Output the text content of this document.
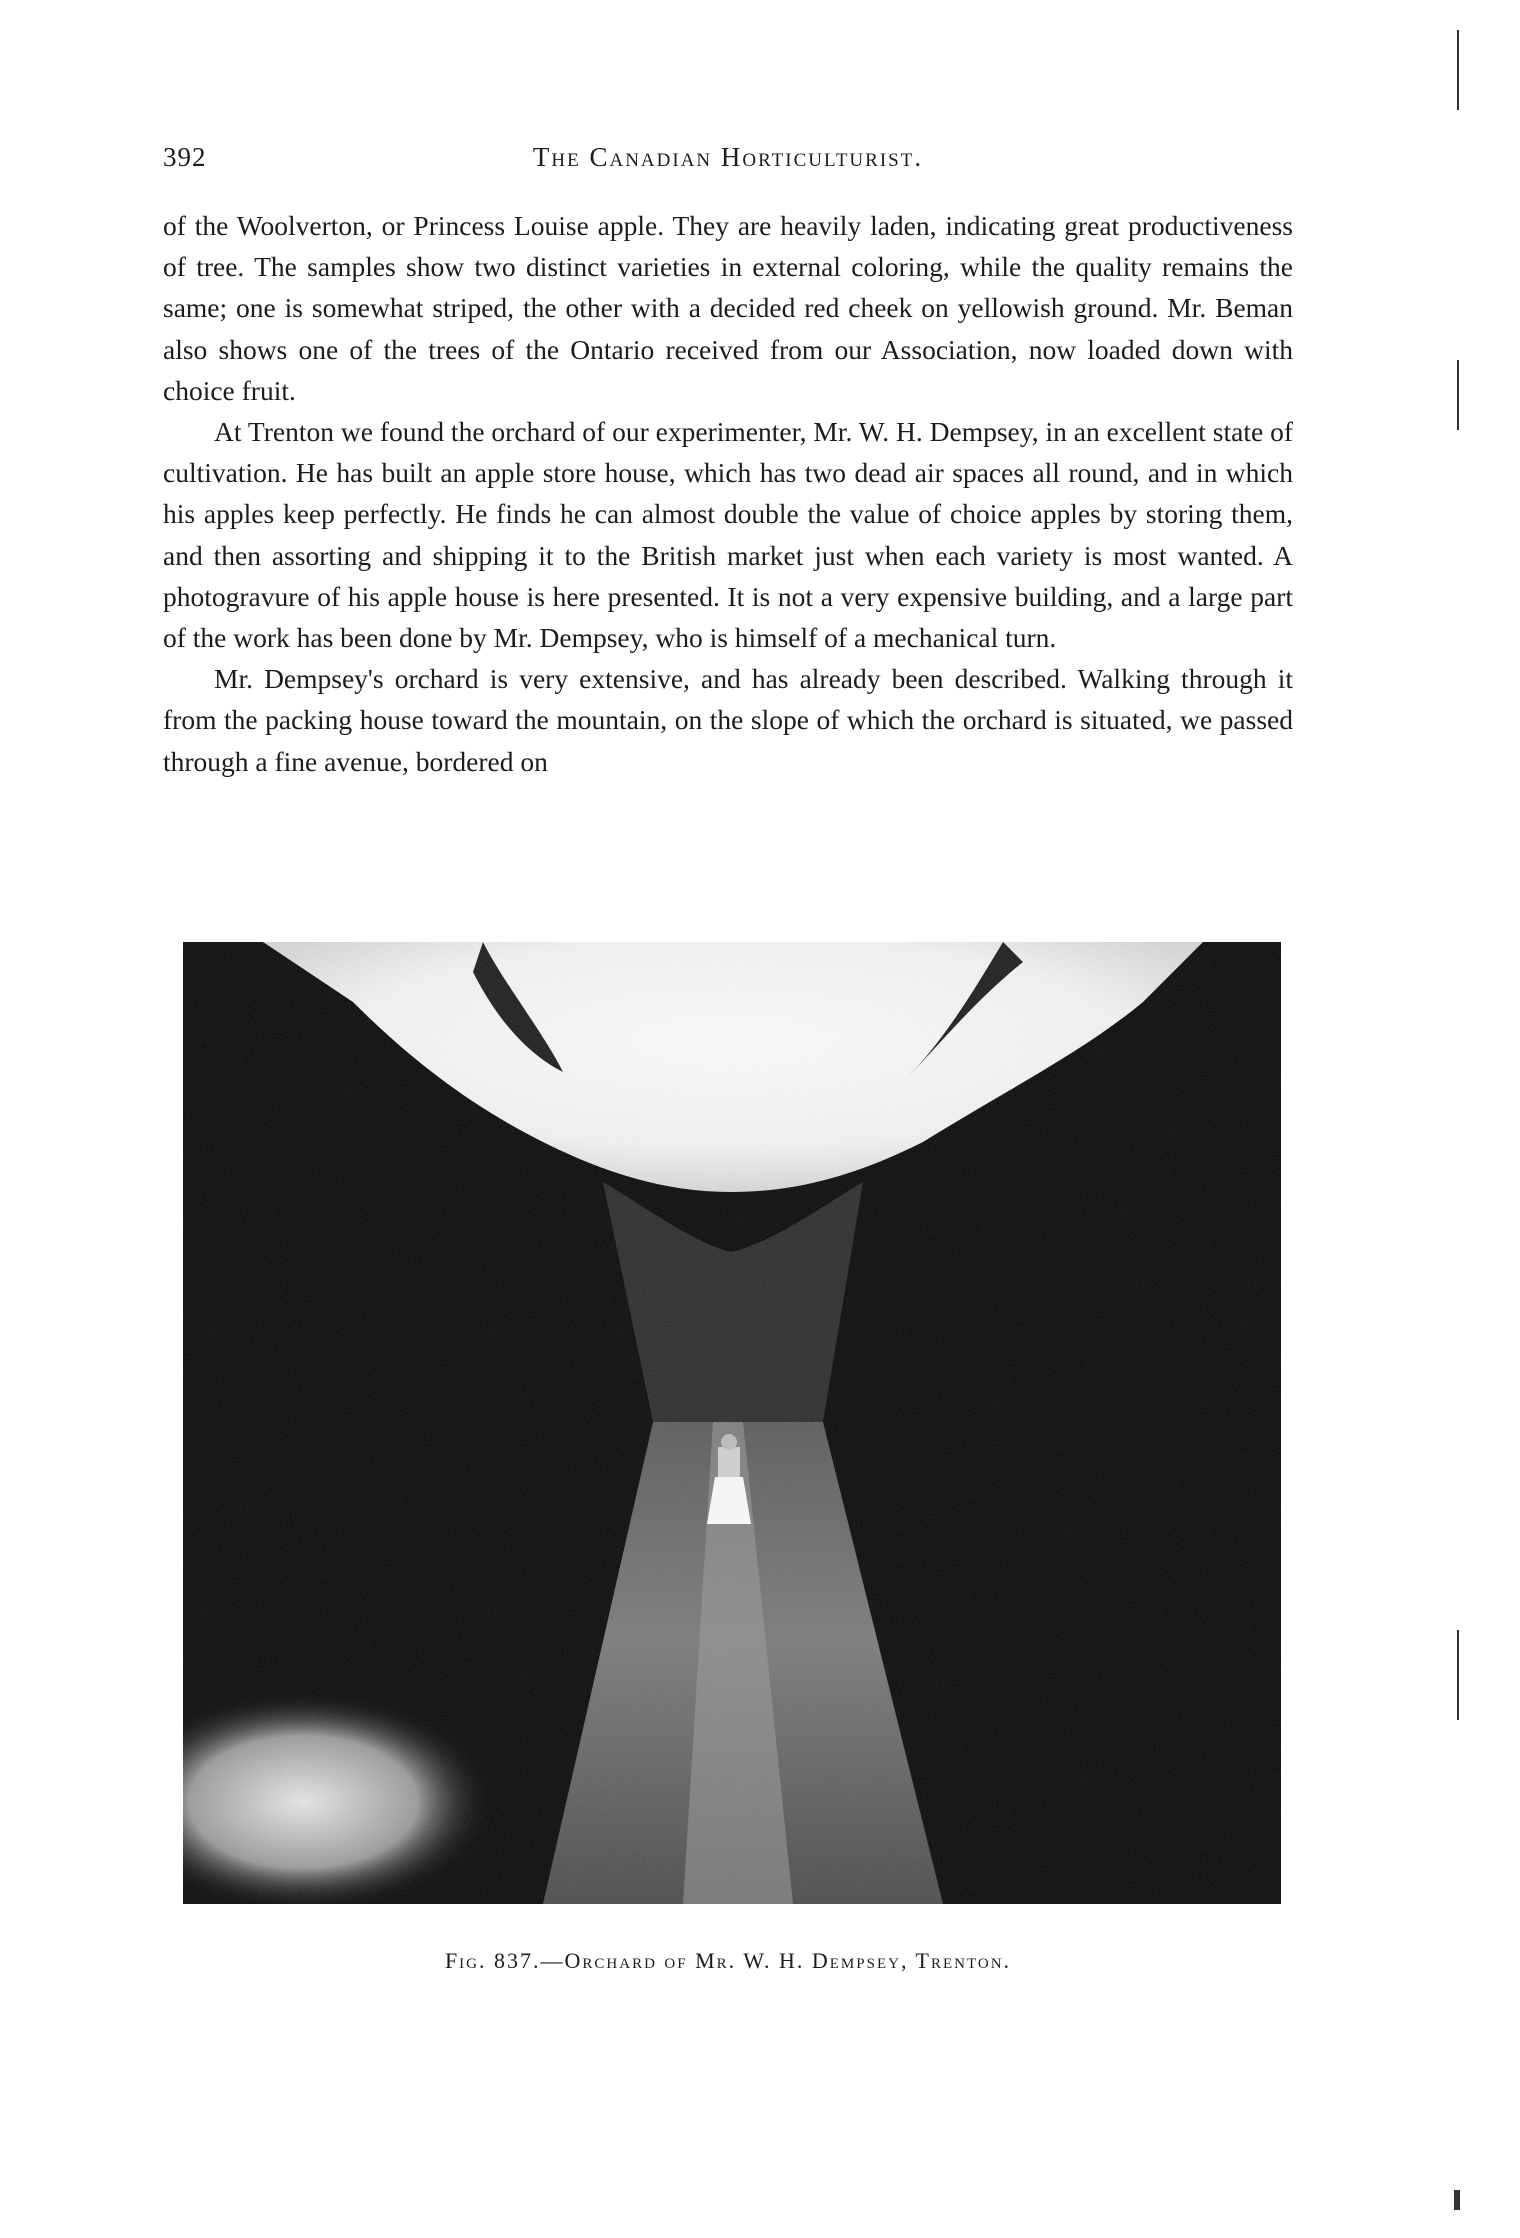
392	The Canadian Horticulturist.

of the Woolverton, or Princess Louise apple. They are heavily laden, indicating great productiveness of tree. The samples show two distinct varieties in external coloring, while the quality remains the same; one is somewhat striped, the other with a decided red cheek on yellowish ground. Mr. Beman also shows one of the trees of the Ontario received from our Association, now loaded down with choice fruit.

At Trenton we found the orchard of our experimenter, Mr. W. H. Dempsey, in an excellent state of cultivation. He has built an apple store house, which has two dead air spaces all round, and in which his apples keep perfectly. He finds he can almost double the value of choice apples by storing them, and then assorting and shipping it to the British market just when each variety is most wanted. A photogravure of his apple house is here presented. It is not a very expensive building, and a large part of the work has been done by Mr. Dempsey, who is himself of a mechanical turn.

Mr. Dempsey's orchard is very extensive, and has already been described. Walking through it from the packing house toward the mountain, on the slope of which the orchard is situated, we passed through a fine avenue, bordered on

Fig. 837.—Orchard of Mr. W. H. Dempsey, Trenton.
